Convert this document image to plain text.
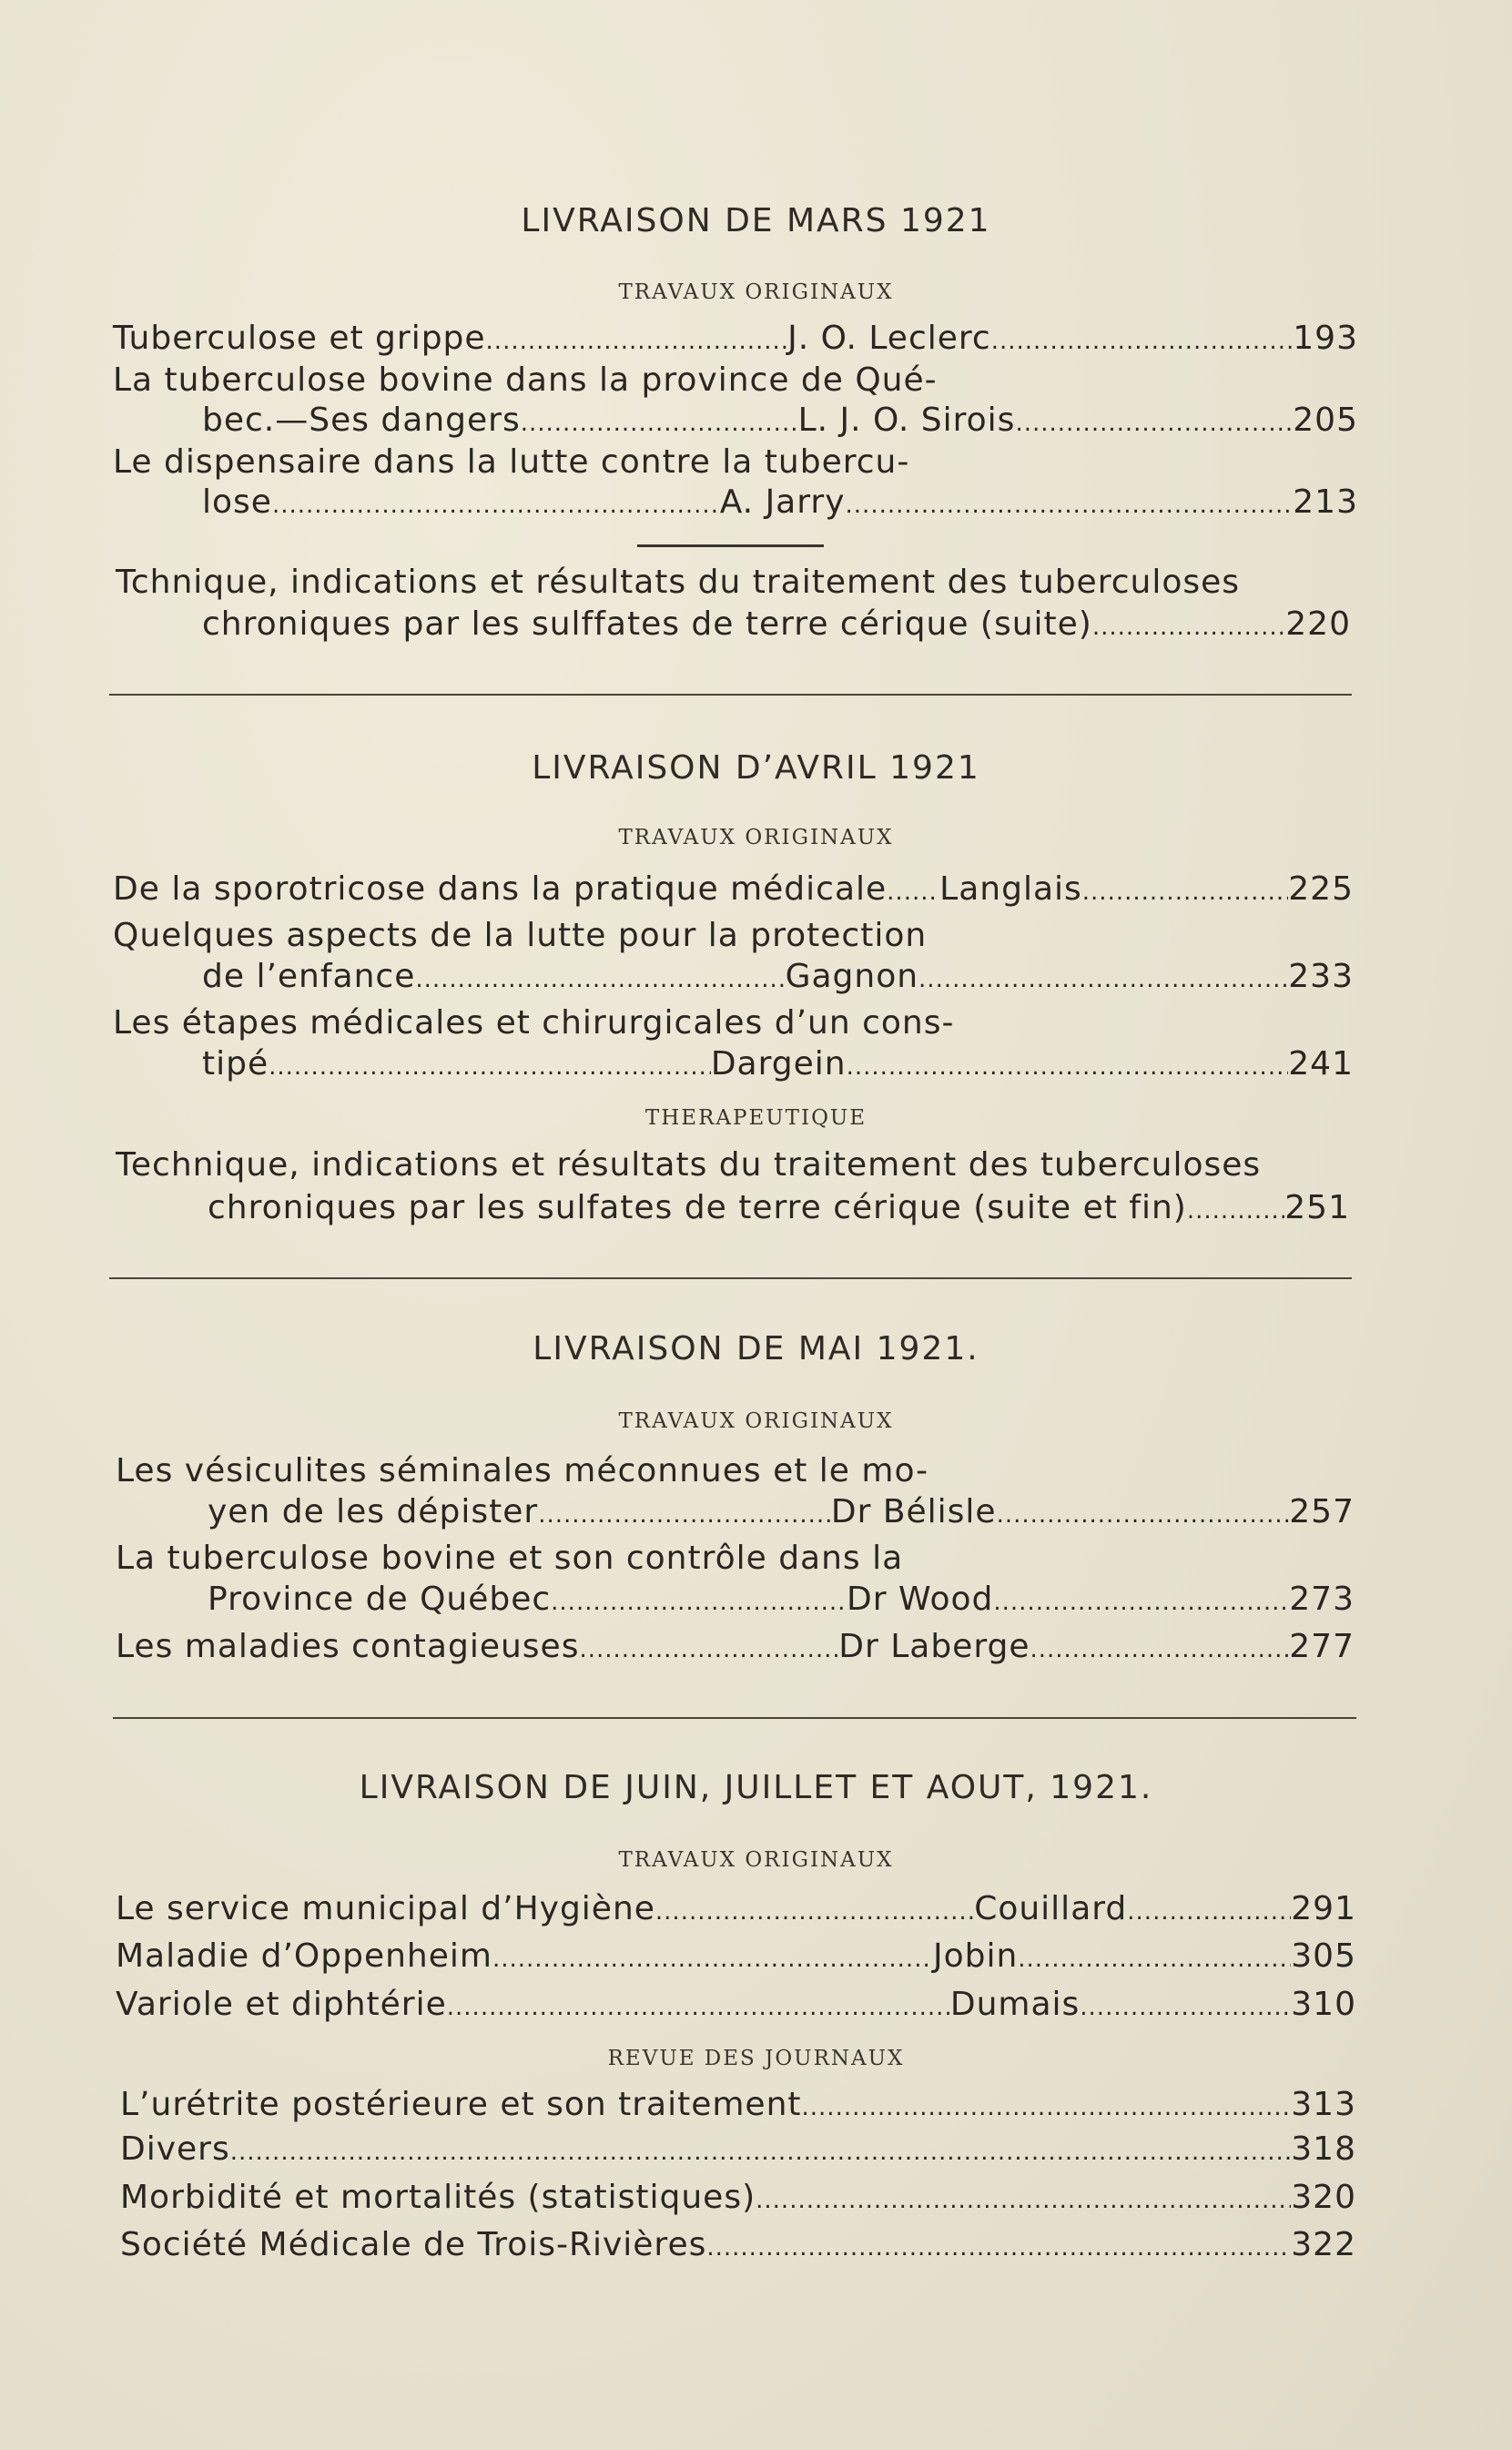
LIVRAISON DE MARS 1921
TRAVAUX ORIGINAUX
Tuberculose et grippe .....	J. O. Leclerc .....	193
La tuberculose bovine dans la province de Qué-
bec.—Ses dangers .....	L. J. O. Sirois .....	205
Le dispensaire dans la lutte contre la tubercu-
lose .....	A. Jarry .....	213
Tchnique, indications et résultats du traitement des tuberculoses
chroniques par les sulffates de terre cérique (suite) .....	220
LIVRAISON D’AVRIL 1921
TRAVAUX ORIGINAUX
De la sporotricose dans la pratique médicale ..... Langlais .....	225
Quelques aspects de la lutte pour la protection
de l’enfance .....	Gagnon .....	233
Les étapes médicales et chirurgicales d’un cons-
tipé .....	Dargein .....	241
THERAPEUTIQUE
Technique, indications et résultats du traitement des tuberculoses
chroniques par les sulfates de terre cérique (suite et fin) .....	251
LIVRAISON DE MAI 1921.
TRAVAUX ORIGINAUX
Les vésiculites séminales méconnues et le mo-
yen de les dépister .....	Dr Bélisle .....	257
La tuberculose bovine et son contrôle dans la
Province de Québec .....	Dr Wood .....	273
Les maladies contagieuses .....	Dr Laberge .....	277
LIVRAISON DE JUIN, JUILLET ET AOUT, 1921.
TRAVAUX ORIGINAUX
Le service municipal d’Hygiène .....	Couillard .....	291
Maladie d’Oppenheim .....	Jobin .....	305
Variole et diphtérie .....	Dumais .....	310
REVUE DES JOURNAUX
L’urétrite postérieure et son traitement .....	313
Divers .....	318
Morbidité et mortalités (statistiques) .....	320
Société Médicale de Trois-Rivières .....	322
